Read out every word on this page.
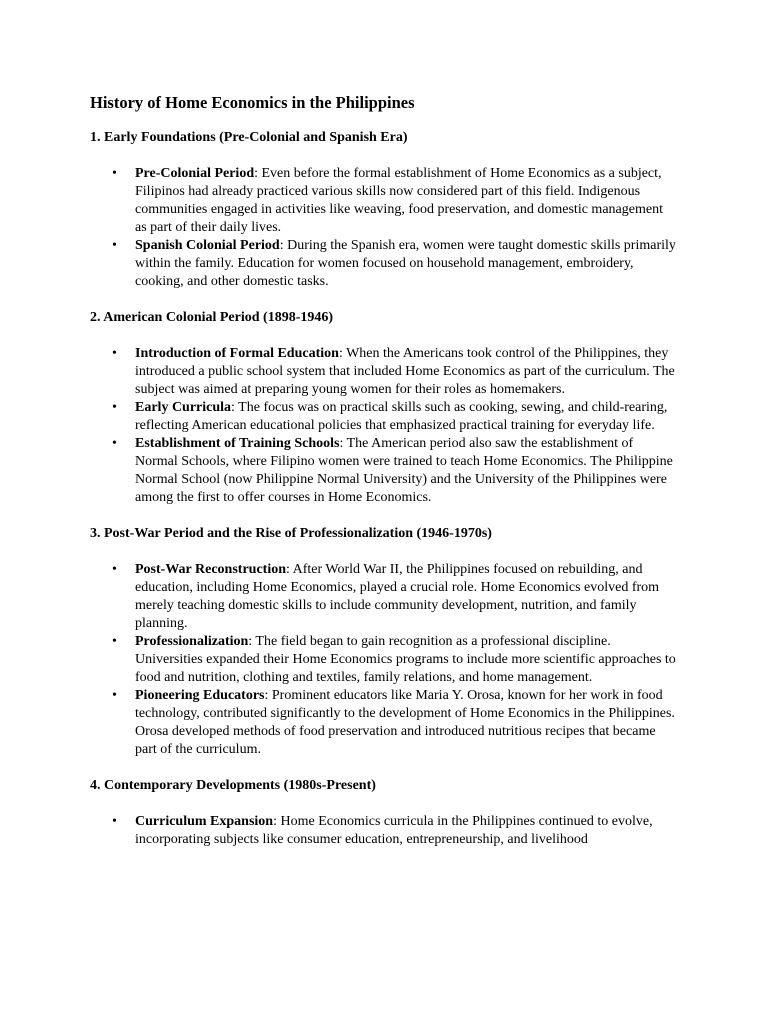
History of Home Economics in the Philippines
1. Early Foundations (Pre-Colonial and Spanish Era)
• Pre-Colonial Period: Even before the formal establishment of Home Economics as a subject, Filipinos had already practiced various skills now considered part of this field. Indigenous communities engaged in activities like weaving, food preservation, and domestic management as part of their daily lives.
• Spanish Colonial Period: During the Spanish era, women were taught domestic skills primarily within the family. Education for women focused on household management, embroidery, cooking, and other domestic tasks.
2. American Colonial Period (1898-1946)
• Introduction of Formal Education: When the Americans took control of the Philippines, they introduced a public school system that included Home Economics as part of the curriculum. The subject was aimed at preparing young women for their roles as homemakers.
• Early Curricula: The focus was on practical skills such as cooking, sewing, and child-rearing, reflecting American educational policies that emphasized practical training for everyday life.
• Establishment of Training Schools: The American period also saw the establishment of Normal Schools, where Filipino women were trained to teach Home Economics. The Philippine Normal School (now Philippine Normal University) and the University of the Philippines were among the first to offer courses in Home Economics.
3. Post-War Period and the Rise of Professionalization (1946-1970s)
• Post-War Reconstruction: After World War II, the Philippines focused on rebuilding, and education, including Home Economics, played a crucial role. Home Economics evolved from merely teaching domestic skills to include community development, nutrition, and family planning.
• Professionalization: The field began to gain recognition as a professional discipline. Universities expanded their Home Economics programs to include more scientific approaches to food and nutrition, clothing and textiles, family relations, and home management.
• Pioneering Educators: Prominent educators like Maria Y. Orosa, known for her work in food technology, contributed significantly to the development of Home Economics in the Philippines. Orosa developed methods of food preservation and introduced nutritious recipes that became part of the curriculum.
4. Contemporary Developments (1980s-Present)
• Curriculum Expansion: Home Economics curricula in the Philippines continued to evolve, incorporating subjects like consumer education, entrepreneurship, and livelihood
